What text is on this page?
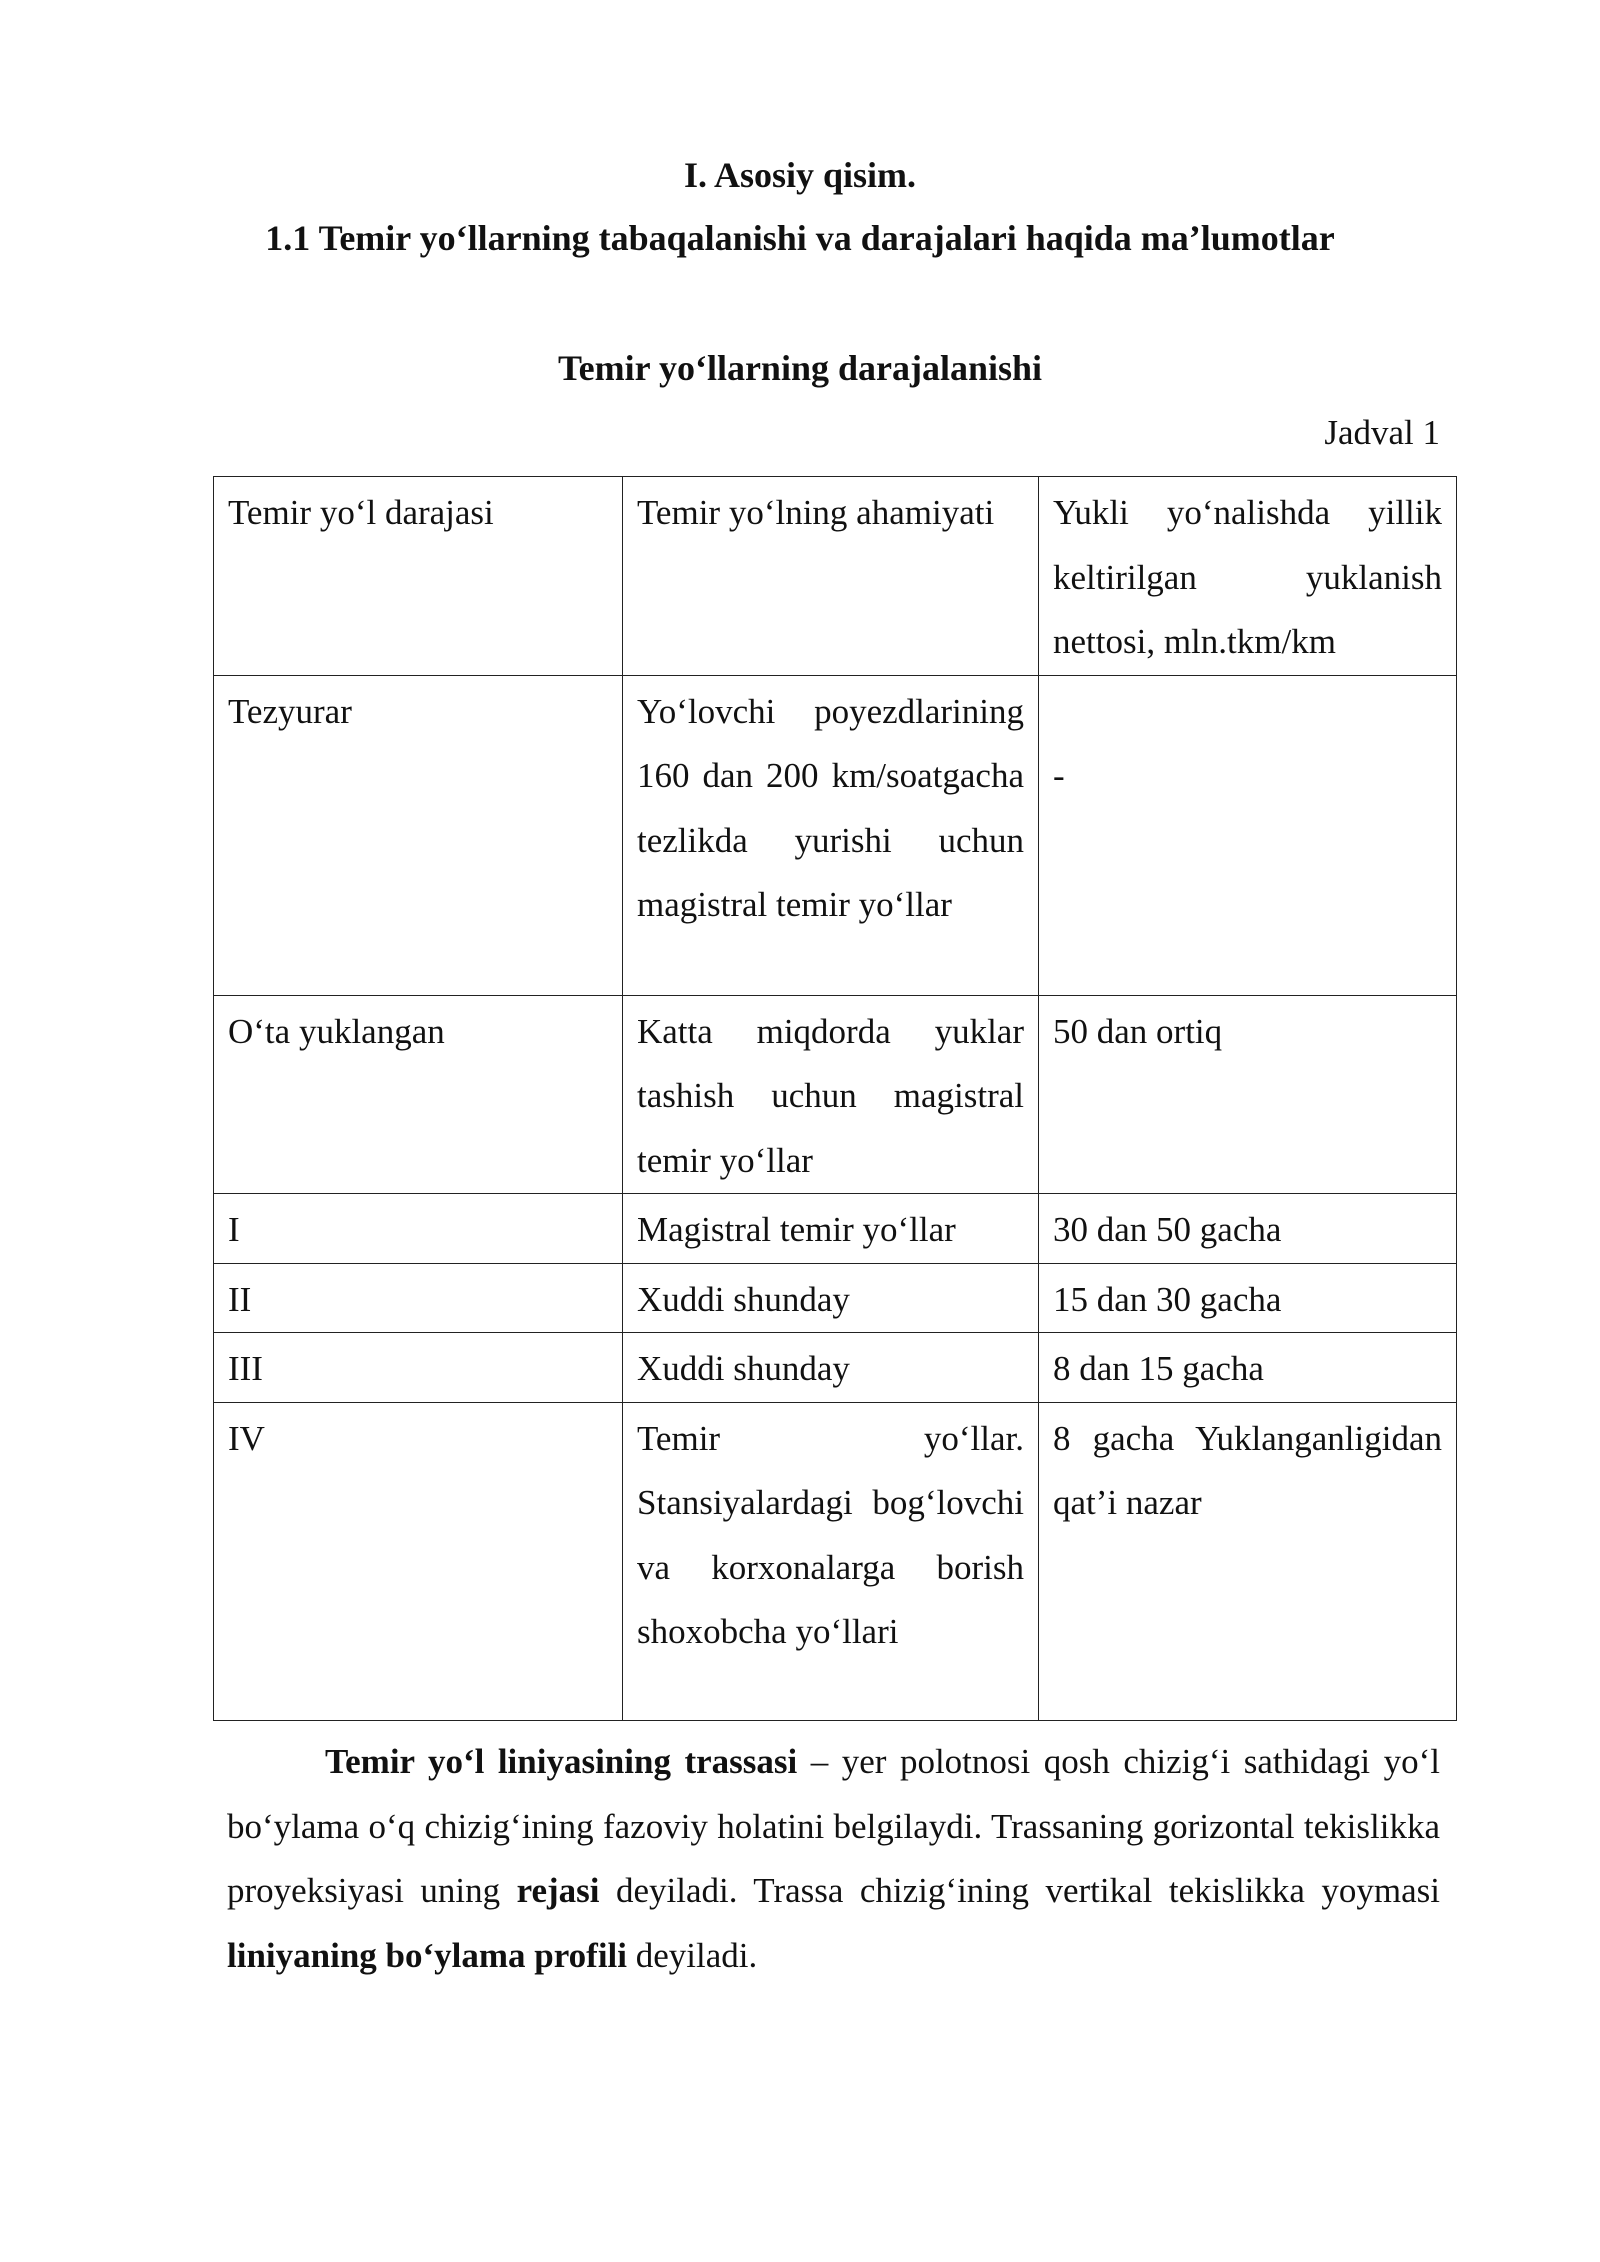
I. Asosiy qisim.

1.1 Temir yo‘llarning tabaqalanishi va darajalari haqida ma’lumotlar

Temir yo‘llarning darajalanishi

Jadval 1

Temir yo‘l darajasi	Temir yo‘lning ahamiyati	Yukli yo‘nalishda yillik keltirilgan yuklanish nettosi, mln.tkm/km
Tezyurar	Yo‘lovchi poyezdlarining 160 dan 200 km/soatgacha tezlikda yurishi uchun magistral temir yo‘llar	-
O‘ta yuklangan	Katta miqdorda yuklar tashish uchun magistral temir yo‘llar	50 dan ortiq
I	Magistral temir yo‘llar	30 dan 50 gacha
II	Xuddi shunday	15 dan 30 gacha
III	Xuddi shunday	8 dan 15 gacha
IV	Temir yo‘llar. Stansiyalardagi bog‘lovchi va korxonalarga borish shoxobcha yo‘llari	8 gacha Yuklanganligidan qat’i nazar

Temir yo‘l liniyasining trassasi – yer polotnosi qosh chizig‘i sathidagi yo‘l bo‘ylama o‘q chizig‘ining fazoviy holatini belgilaydi. Trassaning gorizontal tekislikka proyeksiyasi uning rejasi deyiladi. Trassa chizig‘ining vertikal tekislikka yoymasi liniyaning bo‘ylama profili deyiladi.
